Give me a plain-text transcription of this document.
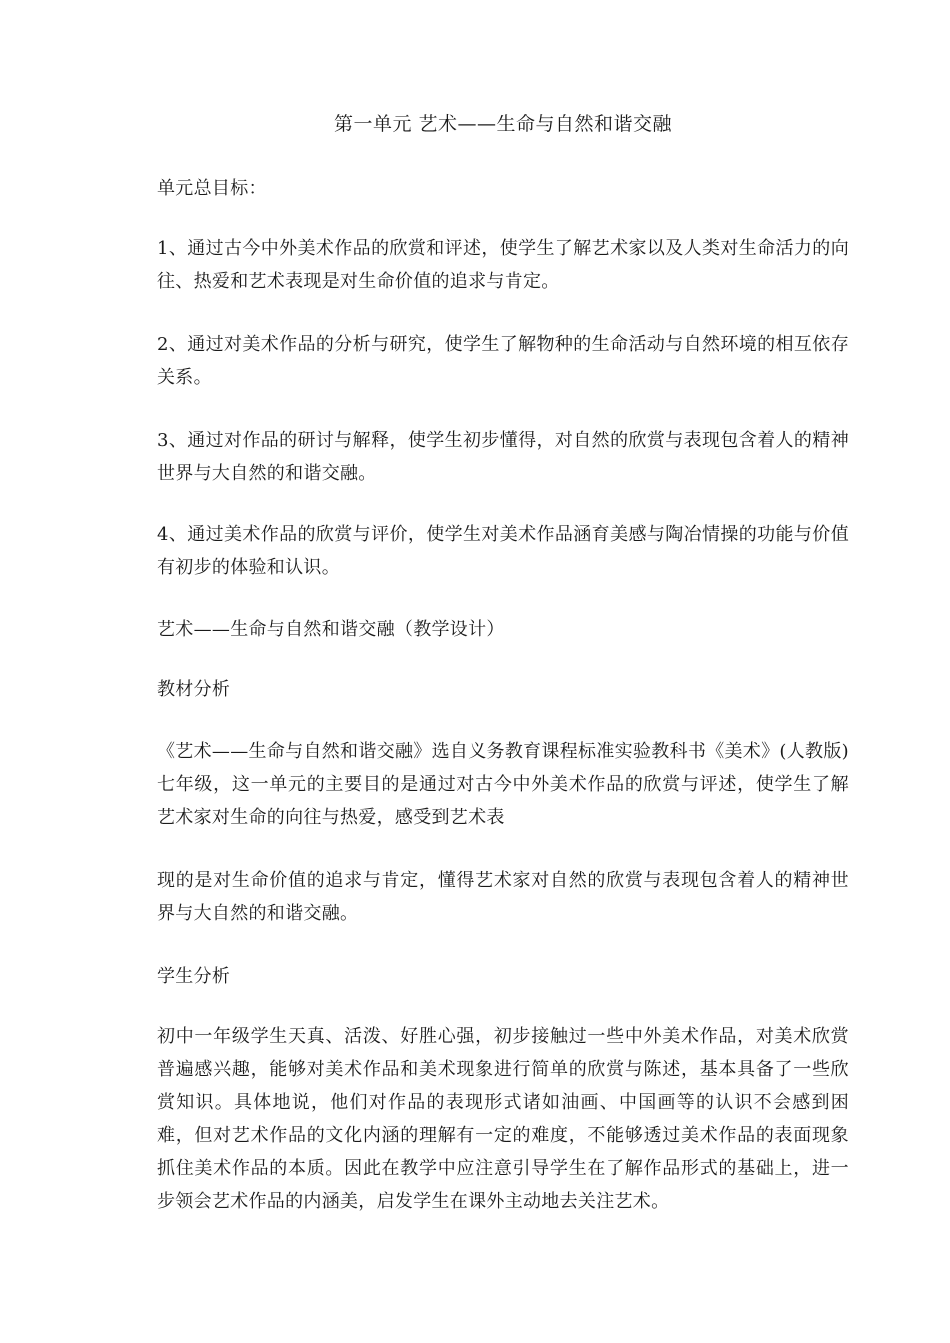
第一单元 艺术——生命与自然和谐交融
单元总目标：
1、通过古今中外美术作品的欣赏和评述，使学生了解艺术家以及人类对生命活力的向往、热爱和艺术表现是对生命价值的追求与肯定。
2、通过对美术作品的分析与研究，使学生了解物种的生命活动与自然环境的相互依存关系。
3、通过对作品的研讨与解释，使学生初步懂得，对自然的欣赏与表现包含着人的精神世界与大自然的和谐交融。
4、通过美术作品的欣赏与评价，使学生对美术作品涵育美感与陶冶情操的功能与价值有初步的体验和认识。
艺术——生命与自然和谐交融（教学设计）
教材分析
《艺术——生命与自然和谐交融》选自义务教育课程标准实验教科书《美术》(人教版)七年级，这一单元的主要目的是通过对古今中外美术作品的欣赏与评述，使学生了解艺术家对生命的向往与热爱，感受到艺术表
现的是对生命价值的追求与肯定，懂得艺术家对自然的欣赏与表现包含着人的精神世界与大自然的和谐交融。
学生分析
初中一年级学生天真、活泼、好胜心强，初步接触过一些中外美术作品，对美术欣赏普遍感兴趣，能够对美术作品和美术现象进行简单的欣赏与陈述，基本具备了一些欣赏知识。具体地说，他们对作品的表现形式诸如油画、中国画等的认识不会感到困难，但对艺术作品的文化内涵的理解有一定的难度，不能够透过美术作品的表面现象抓住美术作品的本质。因此在教学中应注意引导学生在了解作品形式的基础上，进一步领会艺术作品的内涵美，启发学生在课外主动地去关注艺术。
